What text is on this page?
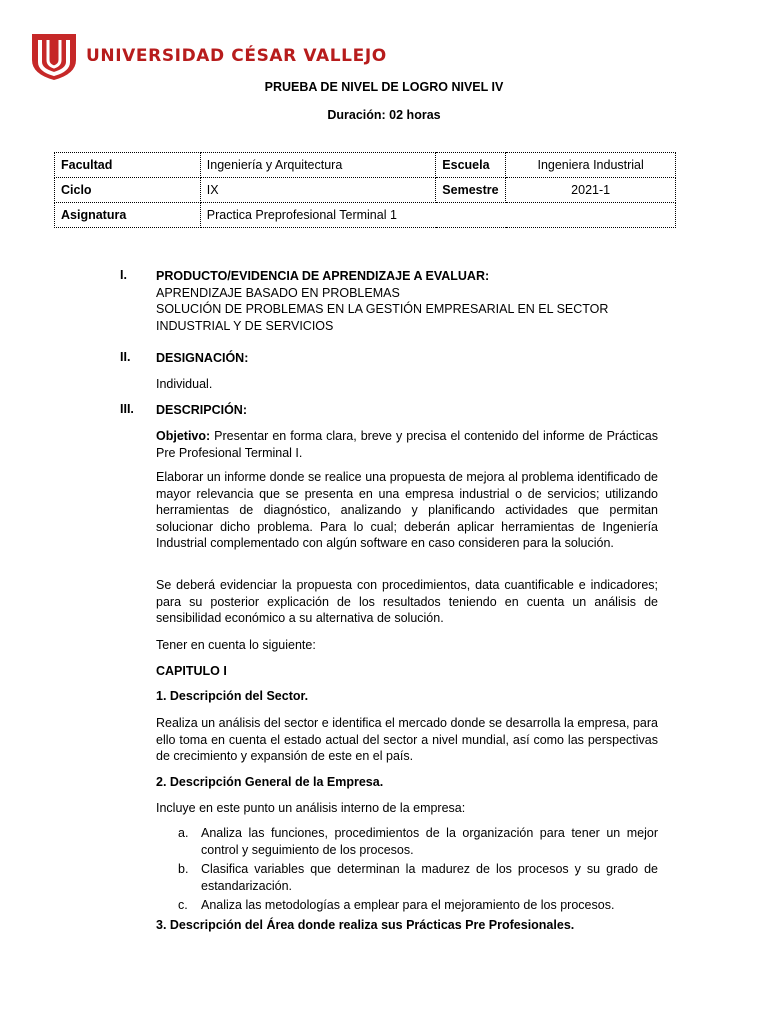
UNIVERSIDAD CÉSAR VALLEJO
PRUEBA DE NIVEL DE LOGRO NIVEL IV
Duración: 02 horas
Facultad	Ingeniería y Arquitectura	Escuela	Ingeniera Industrial
Ciclo	IX	Semestre	2021-1
Asignatura	Practica Preprofesional Terminal 1		
I. PRODUCTO/EVIDENCIA DE APRENDIZAJE A EVALUAR:
APRENDIZAJE BASADO EN PROBLEMAS
SOLUCIÓN DE PROBLEMAS EN LA GESTIÓN EMPRESARIAL EN EL SECTOR INDUSTRIAL Y DE SERVICIOS
II. DESIGNACIÓN:
Individual.
III. DESCRIPCIÓN:
Objetivo: Presentar en forma clara, breve y precisa el contenido del informe de Prácticas Pre Profesional Terminal I.
Elaborar un informe donde se realice una propuesta de mejora al problema identificado de mayor relevancia que se presenta en una empresa industrial o de servicios; utilizando herramientas de diagnóstico, analizando y planificando actividades que permitan solucionar dicho problema. Para lo cual; deberán aplicar herramientas de Ingeniería Industrial complementado con algún software en caso consideren para la solución.
Se deberá evidenciar la propuesta con procedimientos, data cuantificable e indicadores; para su posterior explicación de los resultados teniendo en cuenta un análisis de sensibilidad económico a su alternativa de solución.
Tener en cuenta lo siguiente:
CAPITULO I
1. Descripción del Sector.
Realiza un análisis del sector e identifica el mercado donde se desarrolla la empresa, para ello toma en cuenta el estado actual del sector a nivel mundial, así como las perspectivas de crecimiento y expansión de este en el país.
2. Descripción General de la Empresa.
Incluye en este punto un análisis interno de la empresa:
a.	Analiza las funciones, procedimientos de la organización para tener un mejor control y seguimiento de los procesos.
b.	Clasifica variables que determinan la madurez de los procesos y su grado de estandarización.
c.	Analiza las metodologías a emplear para el mejoramiento de los procesos.
3. Descripción del Área donde realiza sus Prácticas Pre Profesionales.
